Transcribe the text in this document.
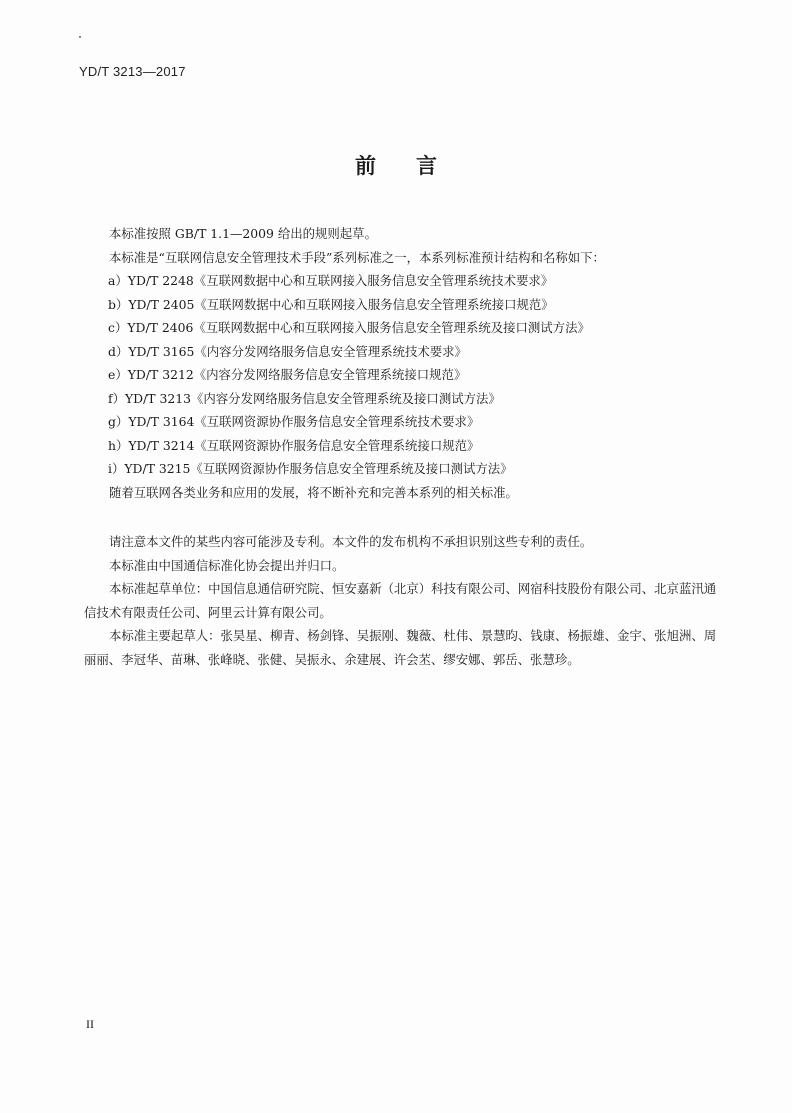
YD/T 3213—2017
前言

本标准按照 GB/T 1.1—2009 给出的规则起草。

本标准是“互联网信息安全管理技术手段”系列标准之一，本系列标准预计结构和名称如下：

a）YD/T 2248《互联网数据中心和互联网接入服务信息安全管理系统技术要求》

b）YD/T 2405《互联网数据中心和互联网接入服务信息安全管理系统接口规范》

c）YD/T 2406《互联网数据中心和互联网接入服务信息安全管理系统及接口测试方法》

d）YD/T 3165《内容分发网络服务信息安全管理系统技术要求》

e）YD/T 3212《内容分发网络服务信息安全管理系统接口规范》

f）YD/T 3213《内容分发网络服务信息安全管理系统及接口测试方法》

g）YD/T 3164《互联网资源协作服务信息安全管理系统技术要求》

h）YD/T 3214《互联网资源协作服务信息安全管理系统接口规范》

i）YD/T 3215《互联网资源协作服务信息安全管理系统及接口测试方法》

随着互联网各类业务和应用的发展，将不断补充和完善本系列的相关标准。

请注意本文件的某些内容可能涉及专利。本文件的发布机构不承担识别这些专利的责任。

本标准由中国通信标准化协会提出并归口。

本标准起草单位：中国信息通信研究院、恒安嘉新（北京）科技有限公司、网宿科技股份有限公司、北京蓝汛通信技术有限责任公司、阿里云计算有限公司。

本标准主要起草人：张昊星、柳青、杨剑锋、吴振刚、魏薇、杜伟、景慧昀、钱康、杨振雄、金宇、张旭洲、周丽丽、李冠华、苗琳、张峰晓、张健、吴振永、余建展、许会苤、缪安娜、郭岳、张慧珍。

II
